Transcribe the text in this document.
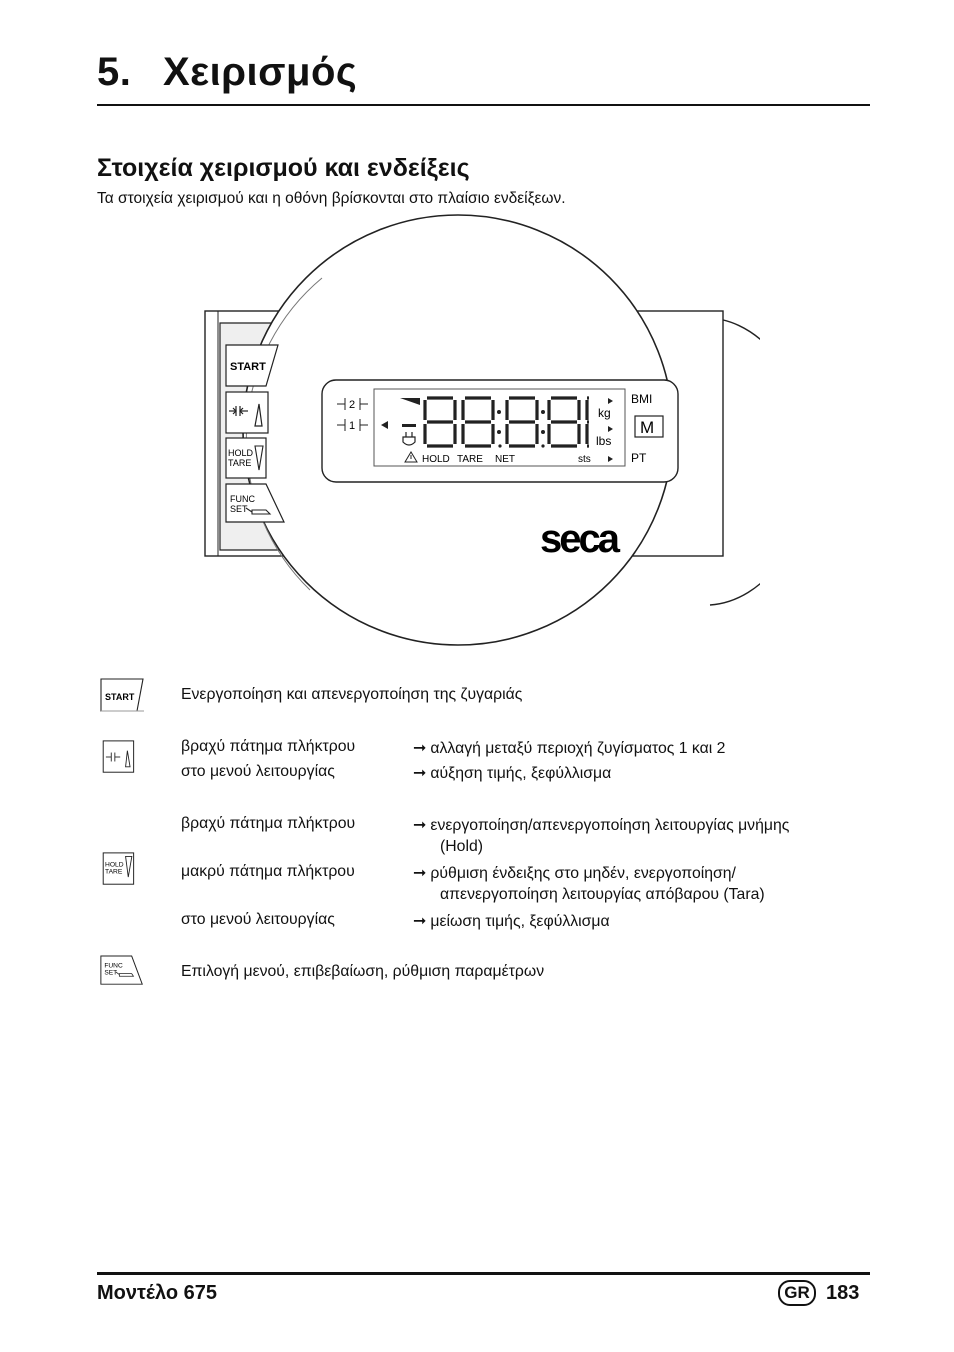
5. Χειρισμός
Στοιχεία χειρισμού και ενδείξεις
Τα στοιχεία χειρισμού και η οθόνη βρίσκονται στο πλαίσιο ενδείξεων.
START
HOLD
TARE
FUNC
SET
2
1
kg
lbs
HOLD TARE NET	sts
BMI
M
PT
seca
START	Ενεργοποίηση και απενεργοποίηση της ζυγαριάς
βραχύ πάτημα πλήκτρου	➞ αλλαγή μεταξύ περιοχή ζυγίσματος 1 και 2
στο μενού λειτουργίας	➞ αύξηση τιμής, ξεφύλλισμα
HOLD
TARE
βραχύ πάτημα πλήκτρου	➞ ενεργοποίηση/απενεργοποίηση λειτουργίας μνήμης
(Hold)
μακρύ πάτημα πλήκτρου	➞ ρύθμιση ένδειξης στο μηδέν, ενεργοποίηση/
απενεργοποίηση λειτουργίας απόβαρου (Tara)
στο μενού λειτουργίας	➞ μείωση τιμής, ξεφύλλισμα
FUNC
SET	Επιλογή μενού, επιβεβαίωση, ρύθμιση παραμέτρων
Μοντέλο 675	GR 183
